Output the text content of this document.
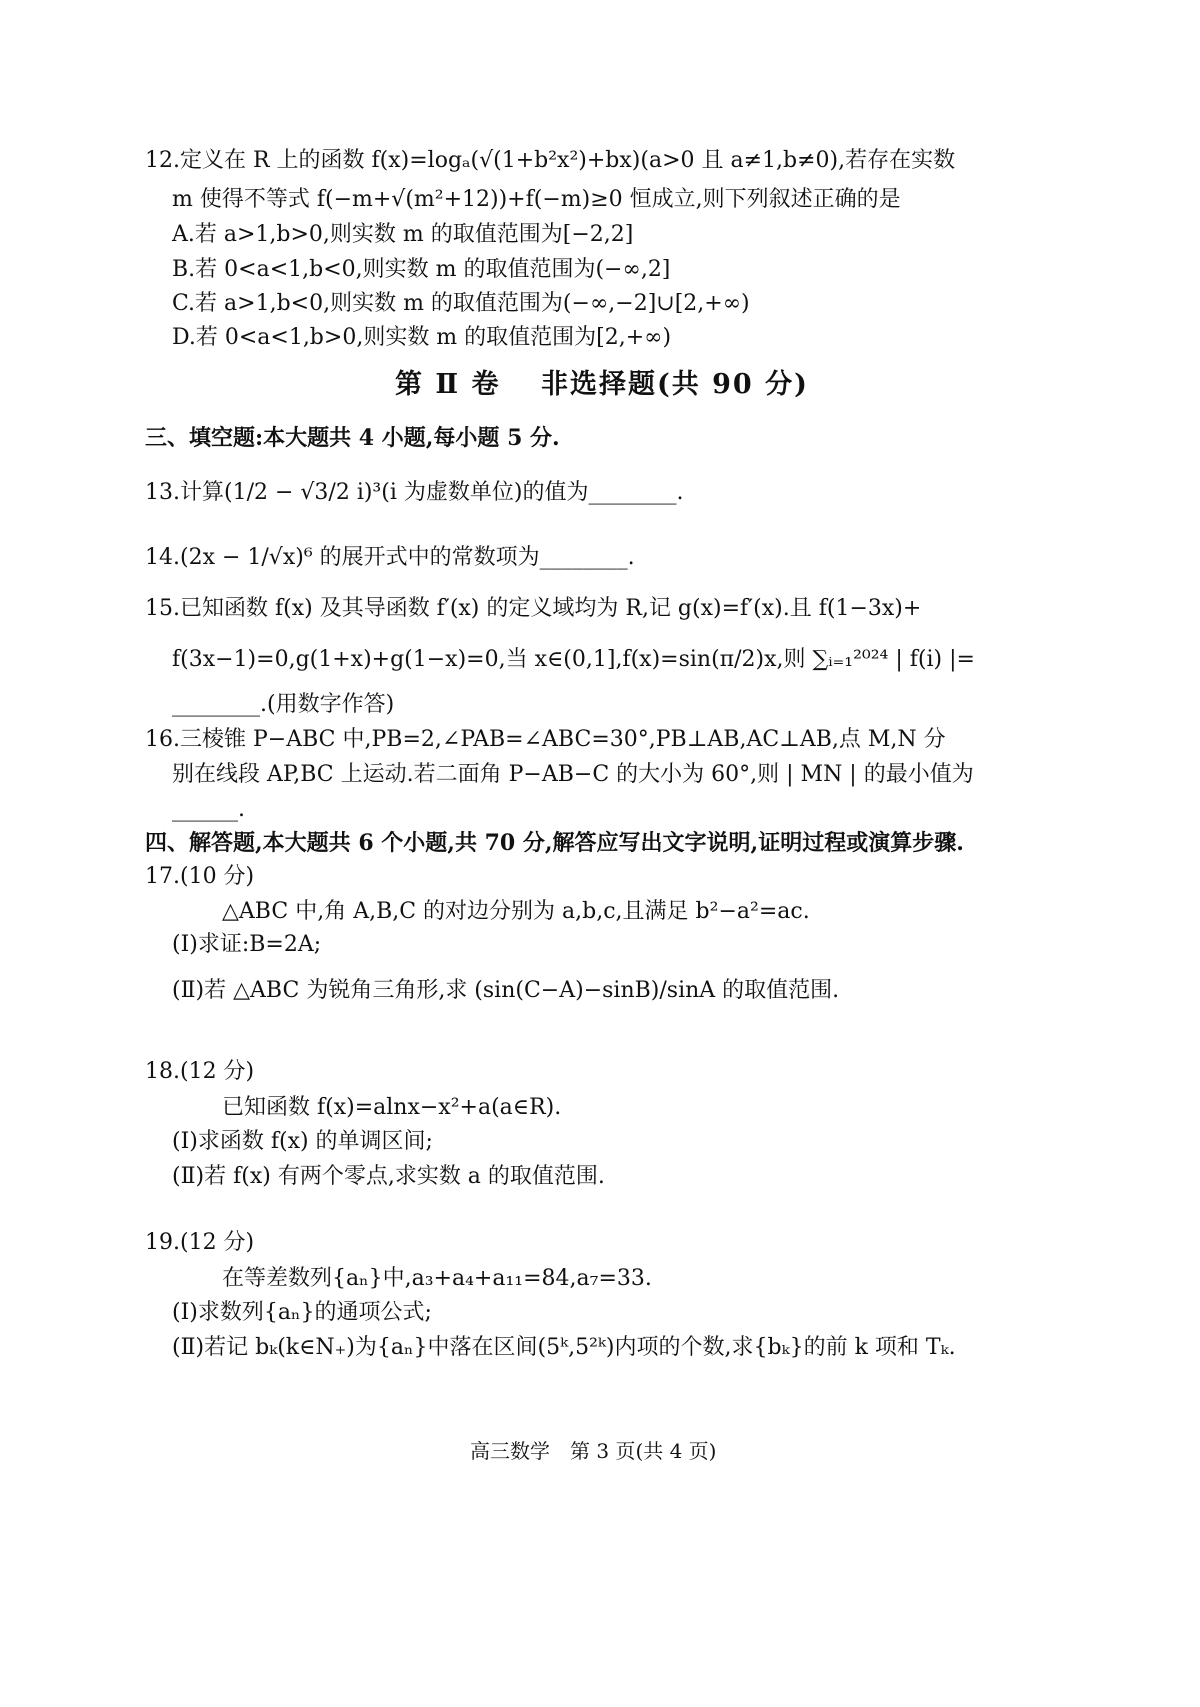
12.定义在 R 上的函数 f(x)=logₐ(√(1+b²x²)+bx)(a>0 且 a≠1,b≠0),若存在实数
m 使得不等式 f(−m+√(m²+12))+f(−m)≥0 恒成立,则下列叙述正确的是
A.若 a>1,b>0,则实数 m 的取值范围为[−2,2]
B.若 0<a<1,b<0,则实数 m 的取值范围为(−∞,2]
C.若 a>1,b<0,则实数 m 的取值范围为(−∞,−2]∪[2,+∞)
D.若 0<a<1,b>0,则实数 m 的取值范围为[2,+∞)
第 Ⅱ 卷　 非选择题(共 90 分)
三、填空题:本大题共 4 小题,每小题 5 分.
13.计算(1/2 − √3/2 i)³(i 为虚数单位)的值为________.
14.(2x − 1/√x)⁶ 的展开式中的常数项为________.
15.已知函数 f(x) 及其导函数 f′(x) 的定义域均为 R,记 g(x)=f′(x).且 f(1−3x)+
f(3x−1)=0,g(1+x)+g(1−x)=0,当 x∈(0,1],f(x)=sin(π/2)x,则 ∑ᵢ₌₁²⁰²⁴ | f(i) |=
________.(用数字作答)
16.三棱锥 P−ABC 中,PB=2,∠PAB=∠ABC=30°,PB⊥AB,AC⊥AB,点 M,N 分
别在线段 AP,BC 上运动.若二面角 P−AB−C 的大小为 60°,则 | MN | 的最小值为
______.
四、解答题,本大题共 6 个小题,共 70 分,解答应写出文字说明,证明过程或演算步骤.
17.(10 分)
△ABC 中,角 A,B,C 的对边分别为 a,b,c,且满足 b²−a²=ac.
(Ⅰ)求证:B=2A;
(Ⅱ)若 △ABC 为锐角三角形,求 (sin(C−A)−sinB)/sinA 的取值范围.
18.(12 分)
已知函数 f(x)=alnx−x²+a(a∈R).
(Ⅰ)求函数 f(x) 的单调区间;
(Ⅱ)若 f(x) 有两个零点,求实数 a 的取值范围.
19.(12 分)
在等差数列{aₙ}中,a₃+a₄+a₁₁=84,a₇=33.
(Ⅰ)求数列{aₙ}的通项公式;
(Ⅱ)若记 bₖ(k∈N₊)为{aₙ}中落在区间(5ᵏ,5²ᵏ)内项的个数,求{bₖ}的前 k 项和 Tₖ.
高三数学　第 3 页(共 4 页)
